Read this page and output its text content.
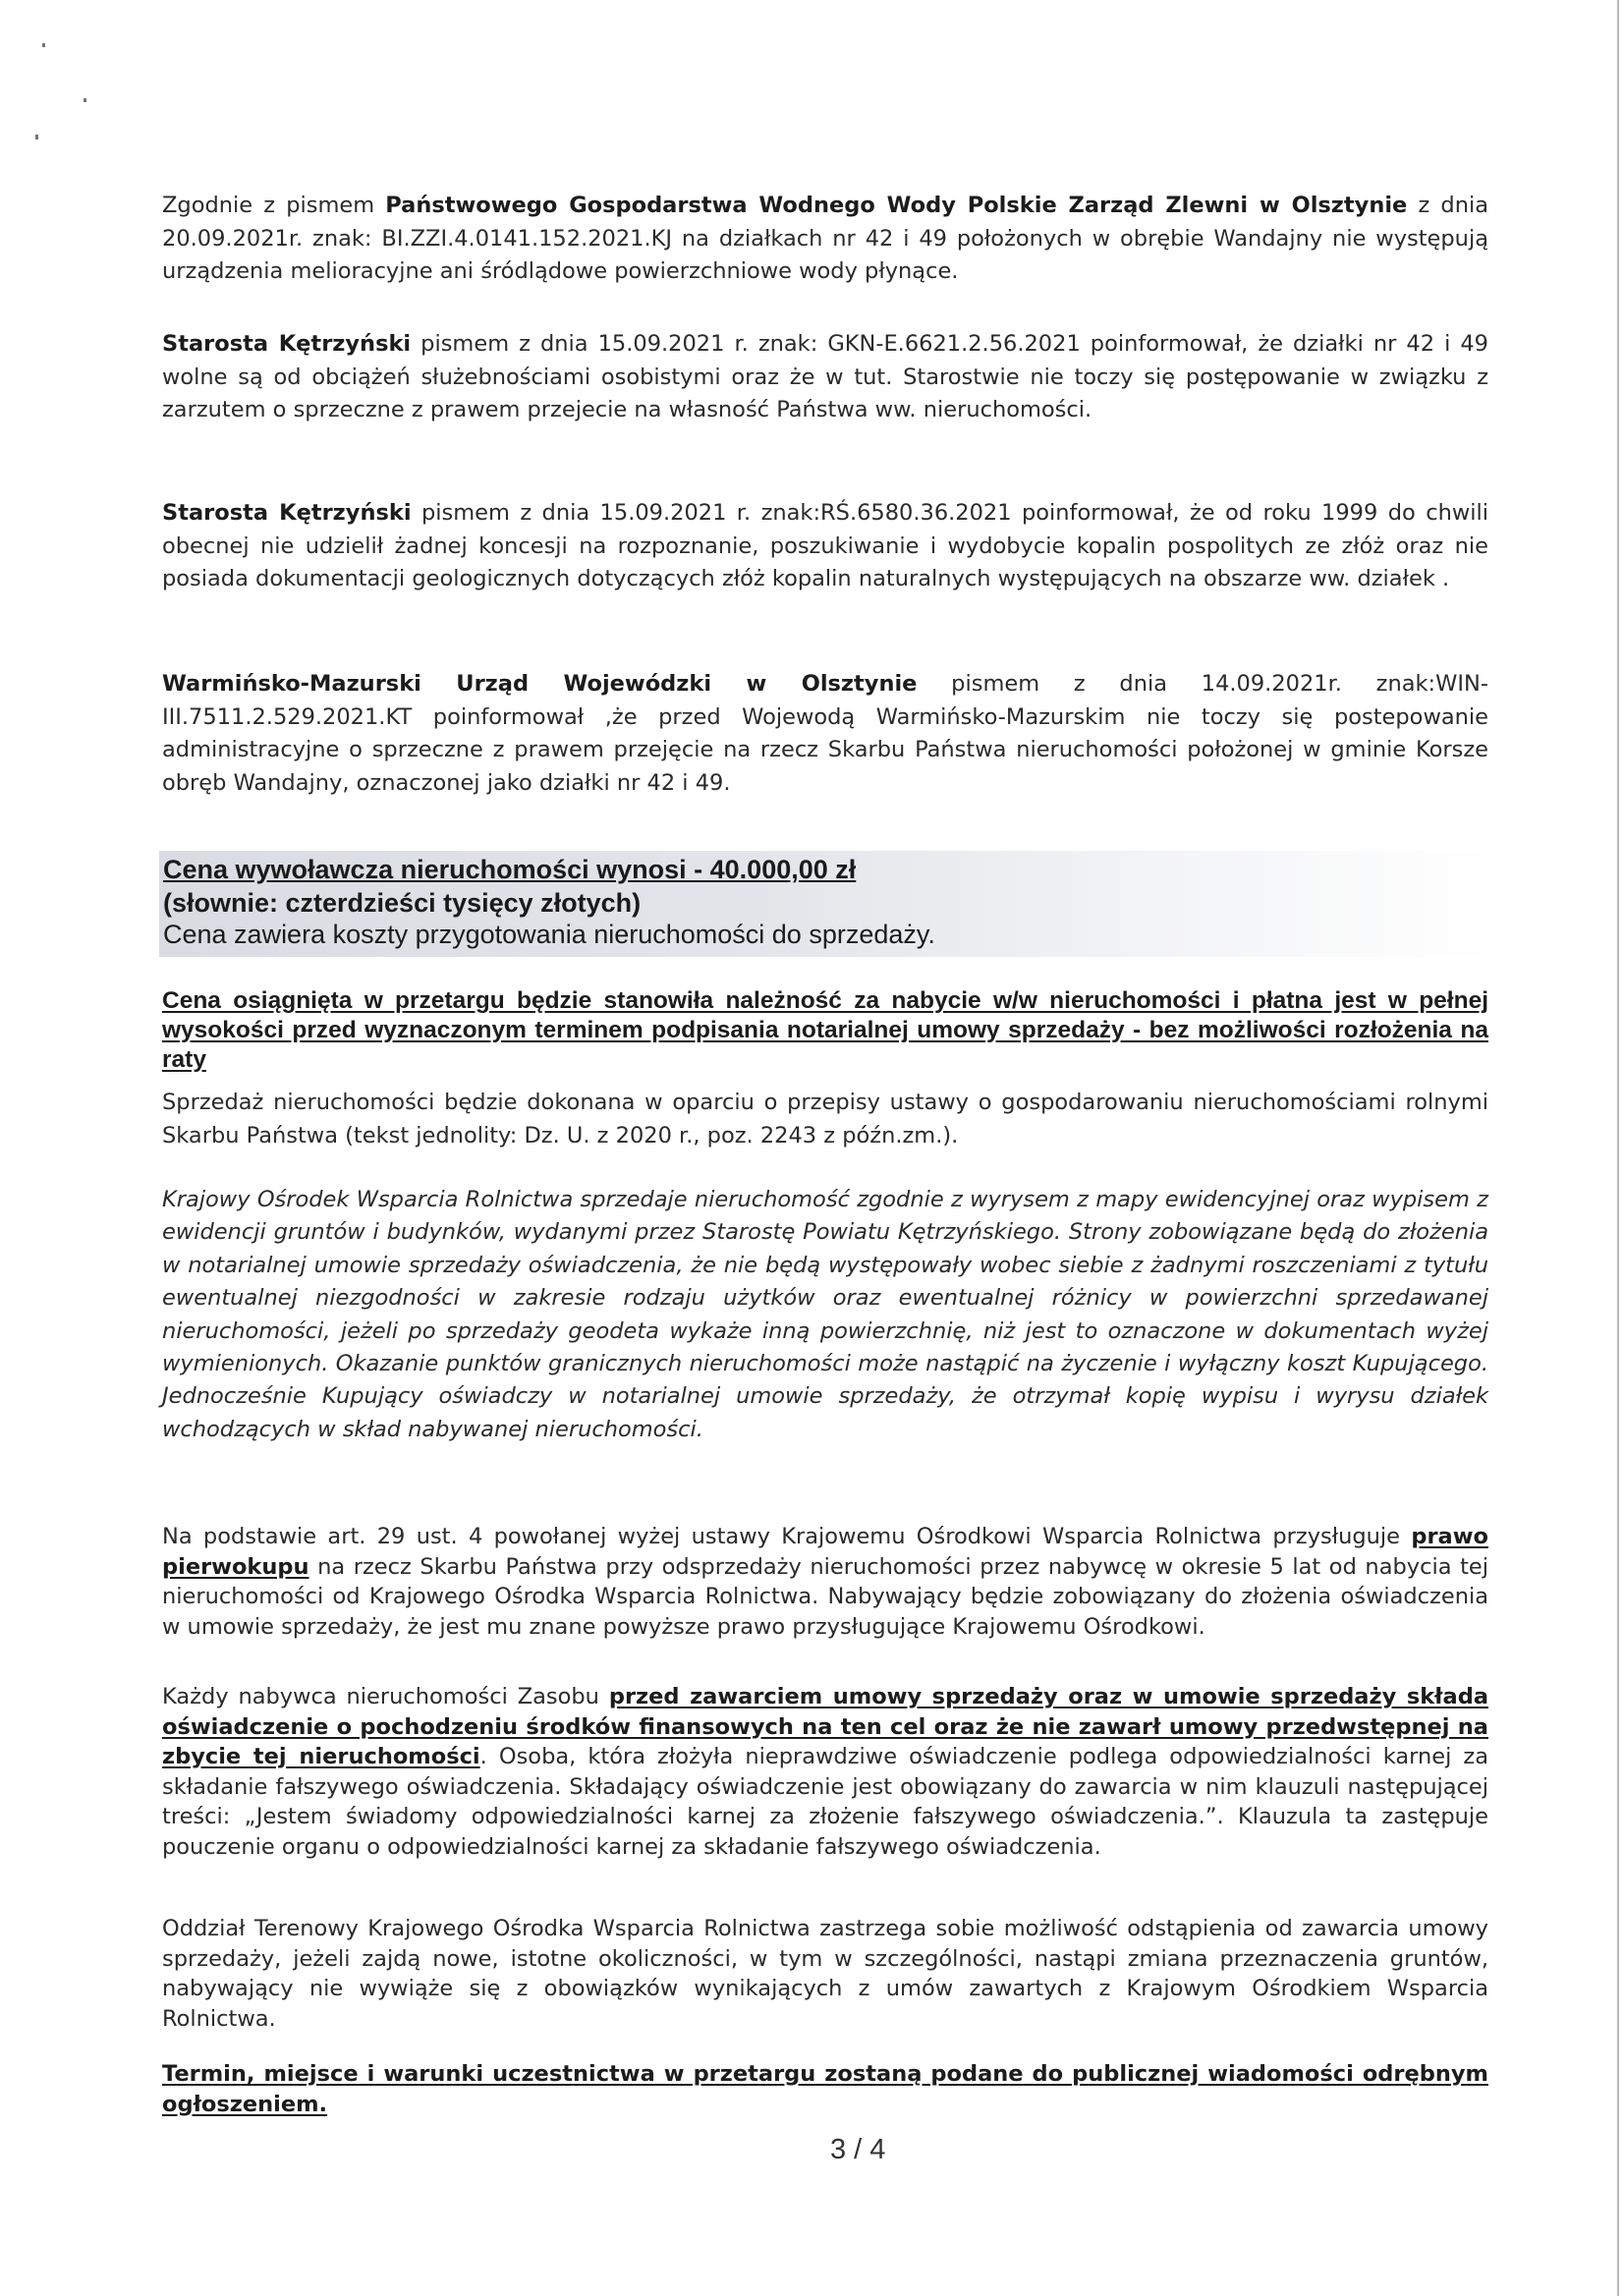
Zgodnie z pismem Państwowego Gospodarstwa Wodnego Wody Polskie Zarząd Zlewni w Olsztynie z dnia 20.09.2021r. znak: BI.ZZI.4.0141.152.2021.KJ na działkach nr 42 i 49 położonych w obrębie Wandajny nie występują urządzenia melioracyjne ani śródlądowe powierzchniowe wody płynące.

Starosta Kętrzyński pismem z dnia 15.09.2021 r. znak: GKN-E.6621.2.56.2021 poinformował, że działki nr 42 i 49 wolne są od obciążeń służebnościami osobistymi oraz że w tut. Starostwie nie toczy się postępowanie w związku z zarzutem o sprzeczne z prawem przejecie na własność Państwa ww. nieruchomości.

Starosta Kętrzyński pismem z dnia 15.09.2021 r. znak:RŚ.6580.36.2021 poinformował, że od roku 1999 do chwili obecnej nie udzielił żadnej koncesji na rozpoznanie, poszukiwanie i wydobycie kopalin pospolitych ze złóż oraz nie posiada dokumentacji geologicznych dotyczących złóż kopalin naturalnych występujących na obszarze ww. działek .

Warmińsko-Mazurski Urząd Wojewódzki w Olsztynie pismem z dnia 14.09.2021r. znak:WIN-III.7511.2.529.2021.KT poinformował ,że przed Wojewodą Warmińsko-Mazurskim nie toczy się postepowanie administracyjne o sprzeczne z prawem przejęcie na rzecz Skarbu Państwa nieruchomości położonej w gminie Korsze obręb Wandajny, oznaczonej jako działki nr 42 i 49.

Cena wywoławcza nieruchomości wynosi - 40.000,00 zł

(słownie: czterdzieści tysięcy złotych)

Cena zawiera koszty przygotowania nieruchomości do sprzedaży.

Cena osiągnięta w przetargu będzie stanowiła należność za nabycie w/w nieruchomości i płatna jest w pełnej wysokości przed wyznaczonym terminem podpisania notarialnej umowy sprzedaży - bez możliwości rozłożenia na raty

Sprzedaż nieruchomości będzie dokonana w oparciu o przepisy ustawy o gospodarowaniu nieruchomościami rolnymi Skarbu Państwa (tekst jednolity: Dz. U. z 2020 r., poz. 2243 z późn.zm.).

Krajowy Ośrodek Wsparcia Rolnictwa sprzedaje nieruchomość zgodnie z wyrysem z mapy ewidencyjnej oraz wypisem z ewidencji gruntów i budynków, wydanymi przez Starostę Powiatu Kętrzyńskiego. Strony zobowiązane będą do złożenia w notarialnej umowie sprzedaży oświadczenia, że nie będą występowały wobec siebie z żadnymi roszczeniami z tytułu ewentualnej niezgodności w zakresie rodzaju użytków oraz ewentualnej różnicy w powierzchni sprzedawanej nieruchomości, jeżeli po sprzedaży geodeta wykaże inną powierzchnię, niż jest to oznaczone w dokumentach wyżej wymienionych. Okazanie punktów granicznych nieruchomości może nastąpić na życzenie i wyłączny koszt Kupującego. Jednocześnie Kupujący oświadczy w notarialnej umowie sprzedaży, że otrzymał kopię wypisu i wyrysu działek wchodzących w skład nabywanej nieruchomości.

Na podstawie art. 29 ust. 4 powołanej wyżej ustawy Krajowemu Ośrodkowi Wsparcia Rolnictwa przysługuje prawo pierwokupu na rzecz Skarbu Państwa przy odsprzedaży nieruchomości przez nabywcę w okresie 5 lat od nabycia tej nieruchomości od Krajowego Ośrodka Wsparcia Rolnictwa. Nabywający będzie zobowiązany do złożenia oświadczenia w umowie sprzedaży, że jest mu znane powyższe prawo przysługujące Krajowemu Ośrodkowi.

Każdy nabywca nieruchomości Zasobu przed zawarciem umowy sprzedaży oraz w umowie sprzedaży składa oświadczenie o pochodzeniu środków finansowych na ten cel oraz że nie zawarł umowy przedwstępnej na zbycie tej nieruchomości. Osoba, która złożyła nieprawdziwe oświadczenie podlega odpowiedzialności karnej za składanie fałszywego oświadczenia. Składający oświadczenie jest obowiązany do zawarcia w nim klauzuli następującej treści: „Jestem świadomy odpowiedzialności karnej za złożenie fałszywego oświadczenia.”. Klauzula ta zastępuje pouczenie organu o odpowiedzialności karnej za składanie fałszywego oświadczenia.

Oddział Terenowy Krajowego Ośrodka Wsparcia Rolnictwa zastrzega sobie możliwość odstąpienia od zawarcia umowy sprzedaży, jeżeli zajdą nowe, istotne okoliczności, w tym w szczególności, nastąpi zmiana przeznaczenia gruntów, nabywający nie wywiąże się z obowiązków wynikających z umów zawartych z Krajowym Ośrodkiem Wsparcia Rolnictwa.

Termin, miejsce i warunki uczestnictwa w przetargu zostaną podane do publicznej wiadomości odrębnym ogłoszeniem.

3 / 4
